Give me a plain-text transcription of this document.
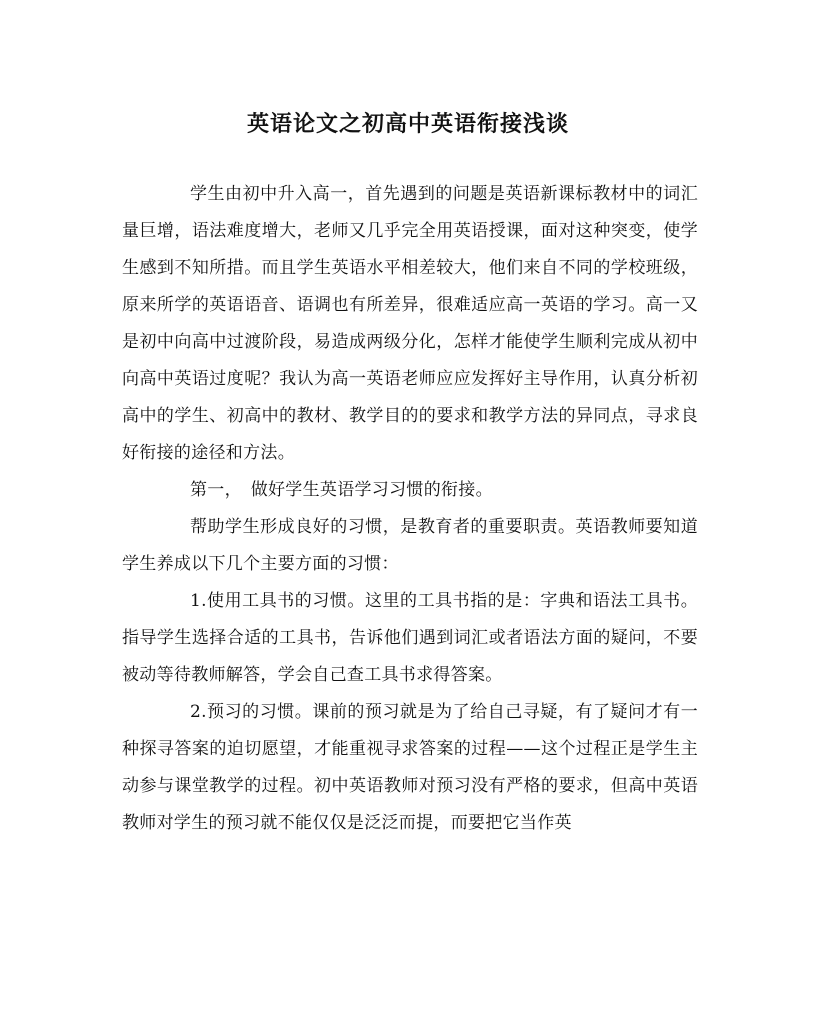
英语论文之初高中英语衔接浅谈

学生由初中升入高一，首先遇到的问题是英语新课标教材中的词汇量巨增，语法难度增大，老师又几乎完全用英语授课，面对这种突变，使学生感到不知所措。而且学生英语水平相差较大，他们来自不同的学校班级，原来所学的英语语音、语调也有所差异，很难适应高一英语的学习。高一又是初中向高中过渡阶段，易造成两级分化，怎样才能使学生顺利完成从初中向高中英语过度呢？我认为高一英语老师应应发挥好主导作用，认真分析初高中的学生、初高中的教材、教学目的的要求和教学方法的异同点，寻求良好衔接的途径和方法。

第一，　做好学生英语学习习惯的衔接。

帮助学生形成良好的习惯，是教育者的重要职责。英语教师要知道学生养成以下几个主要方面的习惯：

1.使用工具书的习惯。这里的工具书指的是：字典和语法工具书。指导学生选择合适的工具书，告诉他们遇到词汇或者语法方面的疑问，不要被动等待教师解答，学会自己查工具书求得答案。

2.预习的习惯。课前的预习就是为了给自己寻疑，有了疑问才有一种探寻答案的迫切愿望，才能重视寻求答案的过程——这个过程正是学生主动参与课堂教学的过程。初中英语教师对预习没有严格的要求，但高中英语教师对学生的预习就不能仅仅是泛泛而提，而要把它当作英
